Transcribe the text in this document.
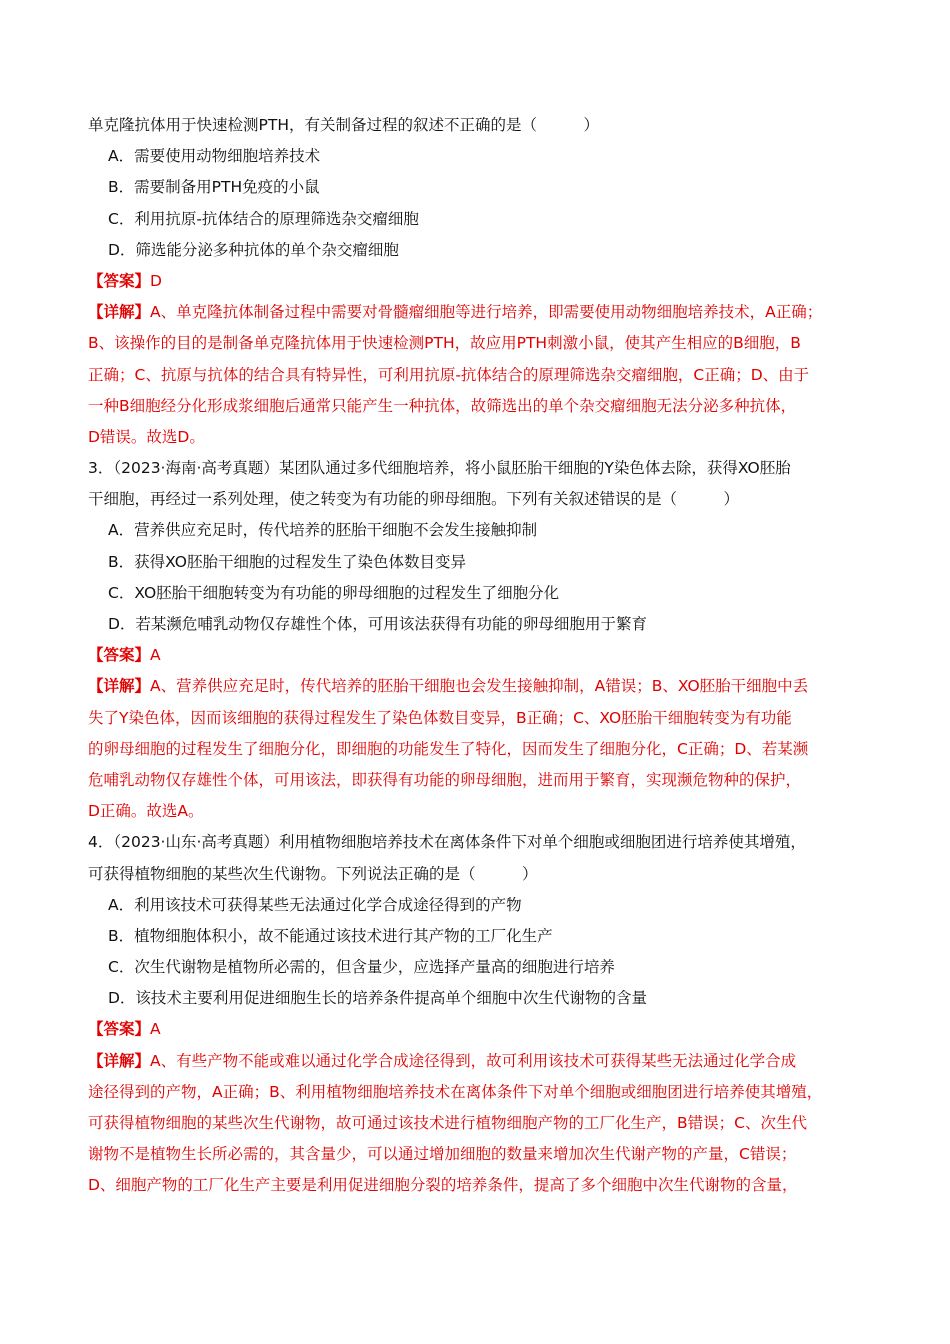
单克隆抗体用于快速检测PTH，有关制备过程的叙述不正确的是（　　　）
A．需要使用动物细胞培养技术
B．需要制备用PTH免疫的小鼠
C．利用抗原-抗体结合的原理筛选杂交瘤细胞
D．筛选能分泌多种抗体的单个杂交瘤细胞
【答案】D
【详解】A、单克隆抗体制备过程中需要对骨髓瘤细胞等进行培养，即需要使用动物细胞培养技术，A正确；
B、该操作的目的是制备单克隆抗体用于快速检测PTH，故应用PTH刺激小鼠，使其产生相应的B细胞，B
正确；C、抗原与抗体的结合具有特异性，可利用抗原-抗体结合的原理筛选杂交瘤细胞，C正确；D、由于
一种B细胞经分化形成浆细胞后通常只能产生一种抗体，故筛选出的单个杂交瘤细胞无法分泌多种抗体，
D错误。故选D。
3．（2023·海南·高考真题）某团队通过多代细胞培养，将小鼠胚胎干细胞的Y染色体去除，获得XO胚胎
干细胞，再经过一系列处理，使之转变为有功能的卵母细胞。下列有关叙述错误的是（　　　）
A．营养供应充足时，传代培养的胚胎干细胞不会发生接触抑制
B．获得XO胚胎干细胞的过程发生了染色体数目变异
C．XO胚胎干细胞转变为有功能的卵母细胞的过程发生了细胞分化
D．若某濒危哺乳动物仅存雄性个体，可用该法获得有功能的卵母细胞用于繁育
【答案】A
【详解】A、营养供应充足时，传代培养的胚胎干细胞也会发生接触抑制，A错误；B、XO胚胎干细胞中丢
失了Y染色体，因而该细胞的获得过程发生了染色体数目变异，B正确；C、XO胚胎干细胞转变为有功能
的卵母细胞的过程发生了细胞分化，即细胞的功能发生了特化，因而发生了细胞分化，C正确；D、若某濒
危哺乳动物仅存雄性个体，可用该法，即获得有功能的卵母细胞，进而用于繁育，实现濒危物种的保护，
D正确。故选A。
4．（2023·山东·高考真题）利用植物细胞培养技术在离体条件下对单个细胞或细胞团进行培养使其增殖，
可获得植物细胞的某些次生代谢物。下列说法正确的是（　　　）
A．利用该技术可获得某些无法通过化学合成途径得到的产物
B．植物细胞体积小，故不能通过该技术进行其产物的工厂化生产
C．次生代谢物是植物所必需的，但含量少，应选择产量高的细胞进行培养
D．该技术主要利用促进细胞生长的培养条件提高单个细胞中次生代谢物的含量
【答案】A
【详解】A、有些产物不能或难以通过化学合成途径得到，故可利用该技术可获得某些无法通过化学合成
途径得到的产物，A正确；B、利用植物细胞培养技术在离体条件下对单个细胞或细胞团进行培养使其增殖，
可获得植物细胞的某些次生代谢物，故可通过该技术进行植物细胞产物的工厂化生产，B错误；C、次生代
谢物不是植物生长所必需的，其含量少，可以通过增加细胞的数量来增加次生代谢产物的产量，C错误；
D、细胞产物的工厂化生产主要是利用促进细胞分裂的培养条件，提高了多个细胞中次生代谢物的含量，
